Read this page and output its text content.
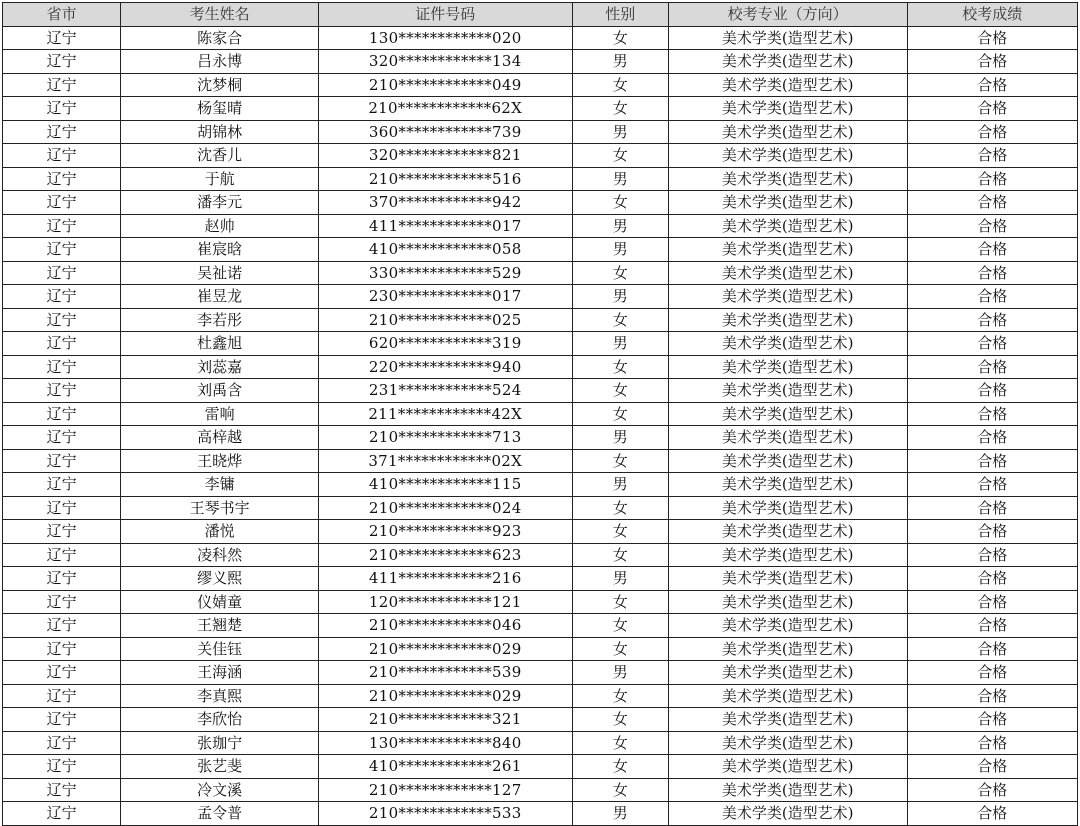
省市	考生姓名	证件号码	性别	校考专业（方向）	校考成绩
辽宁	陈家合	130************020	女	美术学类(造型艺术)	合格
辽宁	吕永博	320************134	男	美术学类(造型艺术)	合格
辽宁	沈梦桐	210************049	女	美术学类(造型艺术)	合格
辽宁	杨玺晴	210************62X	女	美术学类(造型艺术)	合格
辽宁	胡锦林	360************739	男	美术学类(造型艺术)	合格
辽宁	沈香儿	320************821	女	美术学类(造型艺术)	合格
辽宁	于航	210************516	男	美术学类(造型艺术)	合格
辽宁	潘李元	370************942	女	美术学类(造型艺术)	合格
辽宁	赵帅	411************017	男	美术学类(造型艺术)	合格
辽宁	崔宸晗	410************058	男	美术学类(造型艺术)	合格
辽宁	吴祉诺	330************529	女	美术学类(造型艺术)	合格
辽宁	崔昱龙	230************017	男	美术学类(造型艺术)	合格
辽宁	李若彤	210************025	女	美术学类(造型艺术)	合格
辽宁	杜鑫旭	620************319	男	美术学类(造型艺术)	合格
辽宁	刘蕊嘉	220************940	女	美术学类(造型艺术)	合格
辽宁	刘禹含	231************524	女	美术学类(造型艺术)	合格
辽宁	雷响	211************42X	女	美术学类(造型艺术)	合格
辽宁	高梓越	210************713	男	美术学类(造型艺术)	合格
辽宁	王晓烨	371************02X	女	美术学类(造型艺术)	合格
辽宁	李镛	410************115	男	美术学类(造型艺术)	合格
辽宁	王琴书宇	210************024	女	美术学类(造型艺术)	合格
辽宁	潘悦	210************923	女	美术学类(造型艺术)	合格
辽宁	凌科然	210************623	女	美术学类(造型艺术)	合格
辽宁	缪义熙	411************216	男	美术学类(造型艺术)	合格
辽宁	仪婧童	120************121	女	美术学类(造型艺术)	合格
辽宁	王翘楚	210************046	女	美术学类(造型艺术)	合格
辽宁	关佳钰	210************029	女	美术学类(造型艺术)	合格
辽宁	王海涵	210************539	男	美术学类(造型艺术)	合格
辽宁	李真熙	210************029	女	美术学类(造型艺术)	合格
辽宁	李欣怡	210************321	女	美术学类(造型艺术)	合格
辽宁	张珈宁	130************840	女	美术学类(造型艺术)	合格
辽宁	张艺斐	410************261	女	美术学类(造型艺术)	合格
辽宁	冷文溪	210************127	女	美术学类(造型艺术)	合格
辽宁	孟令普	210************533	男	美术学类(造型艺术)	合格
